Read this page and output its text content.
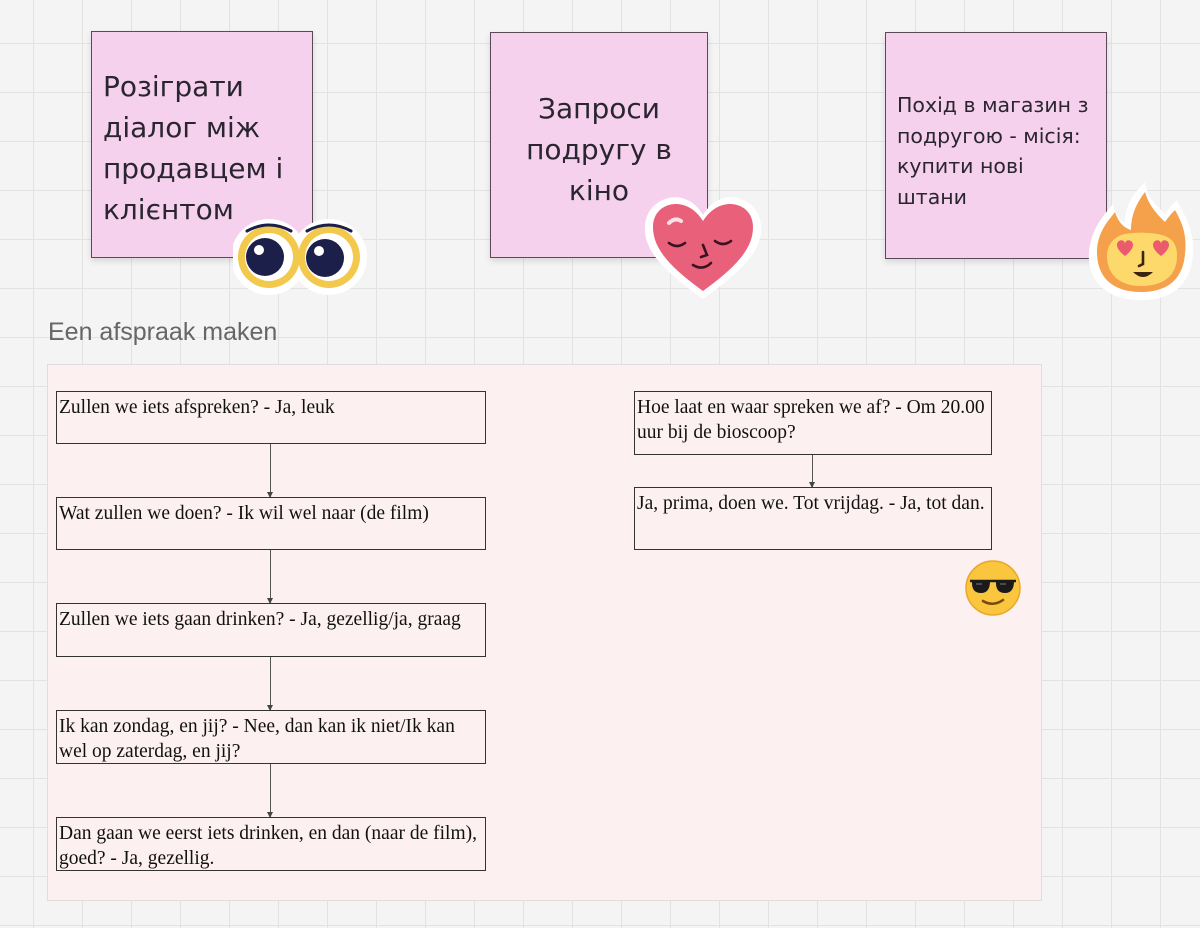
Розіграти діалог між продавцем і клієнтом
Запроси подругу в кіно
Похід в магазин з подругою - місія: купити нові штани
Een afspraak maken
Zullen we iets afspreken? - Ja, leuk
Wat zullen we doen? - Ik wil wel naar (de film)
Zullen we iets gaan drinken? - Ja, gezellig/ja, graag
Ik kan zondag, en jij? - Nee, dan kan ik niet/Ik kan wel op zaterdag, en jij?
Dan gaan we eerst iets drinken, en dan (naar de film), goed? - Ja, gezellig.
Hoe laat en waar spreken we af? - Om 20.00 uur bij de bioscoop?
Ja, prima, doen we. Tot vrijdag. - Ja, tot dan.
